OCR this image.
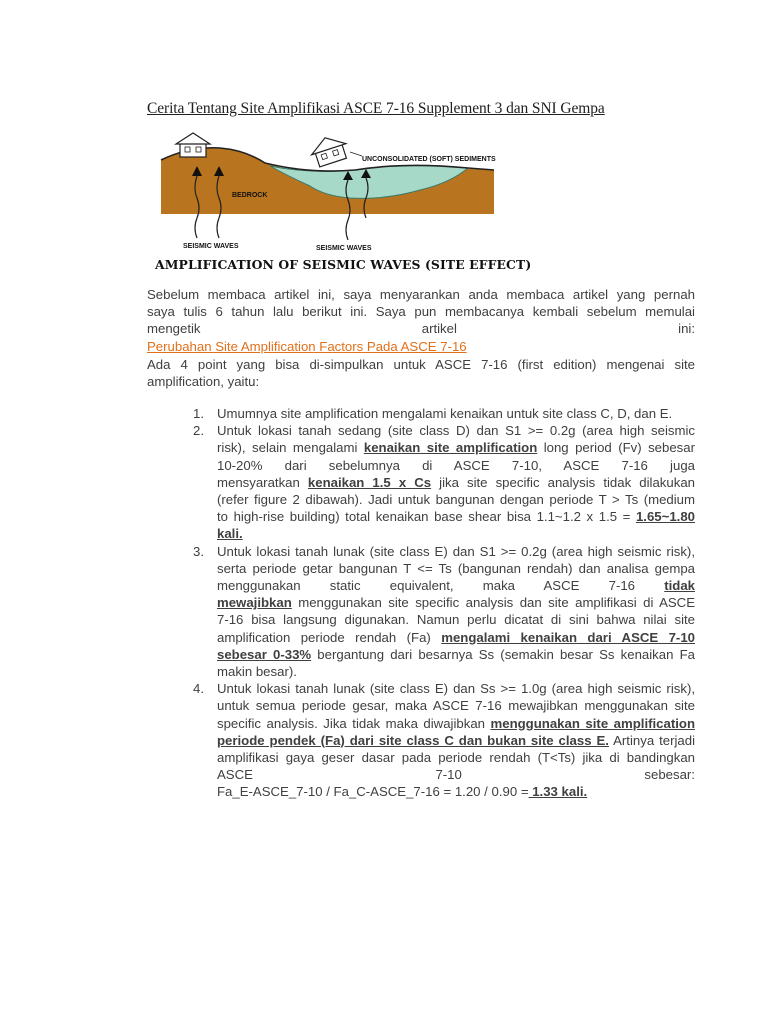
Cerita Tentang Site Amplifikasi ASCE 7-16 Supplement 3 dan SNI Gempa
UNCONSOLIDATED (SOFT) SEDIMENTS
BEDROCK
SEISMIC WAVES	SEISMIC WAVES
AMPLIFICATION OF SEISMIC WAVES (SITE EFFECT)
Sebelum membaca artikel ini, saya menyarankan anda membaca artikel yang pernah
saya tulis 6 tahun lalu berikut ini. Saya pun membacanya kembali sebelum memulai
mengetik	artikel	ini:
Perubahan Site Amplification Factors Pada ASCE 7-16
Ada 4 point yang bisa di-simpulkan untuk ASCE 7-16 (first edition) mengenai site
amplification, yaitu:
1. Umumnya site amplification mengalami kenaikan untuk site class C, D, dan E.
2. Untuk lokasi tanah sedang (site class D) dan S1 >= 0.2g (area high seismic
risk), selain mengalami kenaikan site amplification long period (Fv) sebesar
10-20% dari sebelumnya di ASCE 7-10, ASCE 7-16 juga
mensyaratkan kenaikan 1.5 x Cs jika site specific analysis tidak dilakukan
(refer figure 2 dibawah). Jadi untuk bangunan dengan periode T > Ts (medium
to high-rise building) total kenaikan base shear bisa 1.1~1.2 x 1.5 = 1.65~1.80
kali.
3. Untuk lokasi tanah lunak (site class E) dan S1 >= 0.2g (area high seismic risk),
serta periode getar bangunan T <= Ts (bangunan rendah) dan analisa gempa
menggunakan static equivalent, maka ASCE 7-16 tidak
mewajibkan menggunakan site specific analysis dan site amplifikasi di ASCE
7-16 bisa langsung digunakan. Namun perlu dicatat di sini bahwa nilai site
amplification periode rendah (Fa) mengalami kenaikan dari ASCE 7-10
sebesar 0-33% bergantung dari besarnya Ss (semakin besar Ss kenaikan Fa
makin besar).
4. Untuk lokasi tanah lunak (site class E) dan Ss >= 1.0g (area high seismic risk),
untuk semua periode gesar, maka ASCE 7-16 mewajibkan menggunakan site
specific analysis. Jika tidak maka diwajibkan menggunakan site amplification
periode pendek (Fa) dari site class C dan bukan site class E. Artinya terjadi
amplifikasi gaya geser dasar pada periode rendah (T<Ts) jika di bandingkan
ASCE	7-10	sebesar:
Fa_E-ASCE_7-10 / Fa_C-ASCE_7-16 = 1.20 / 0.90 = 1.33 kali.
